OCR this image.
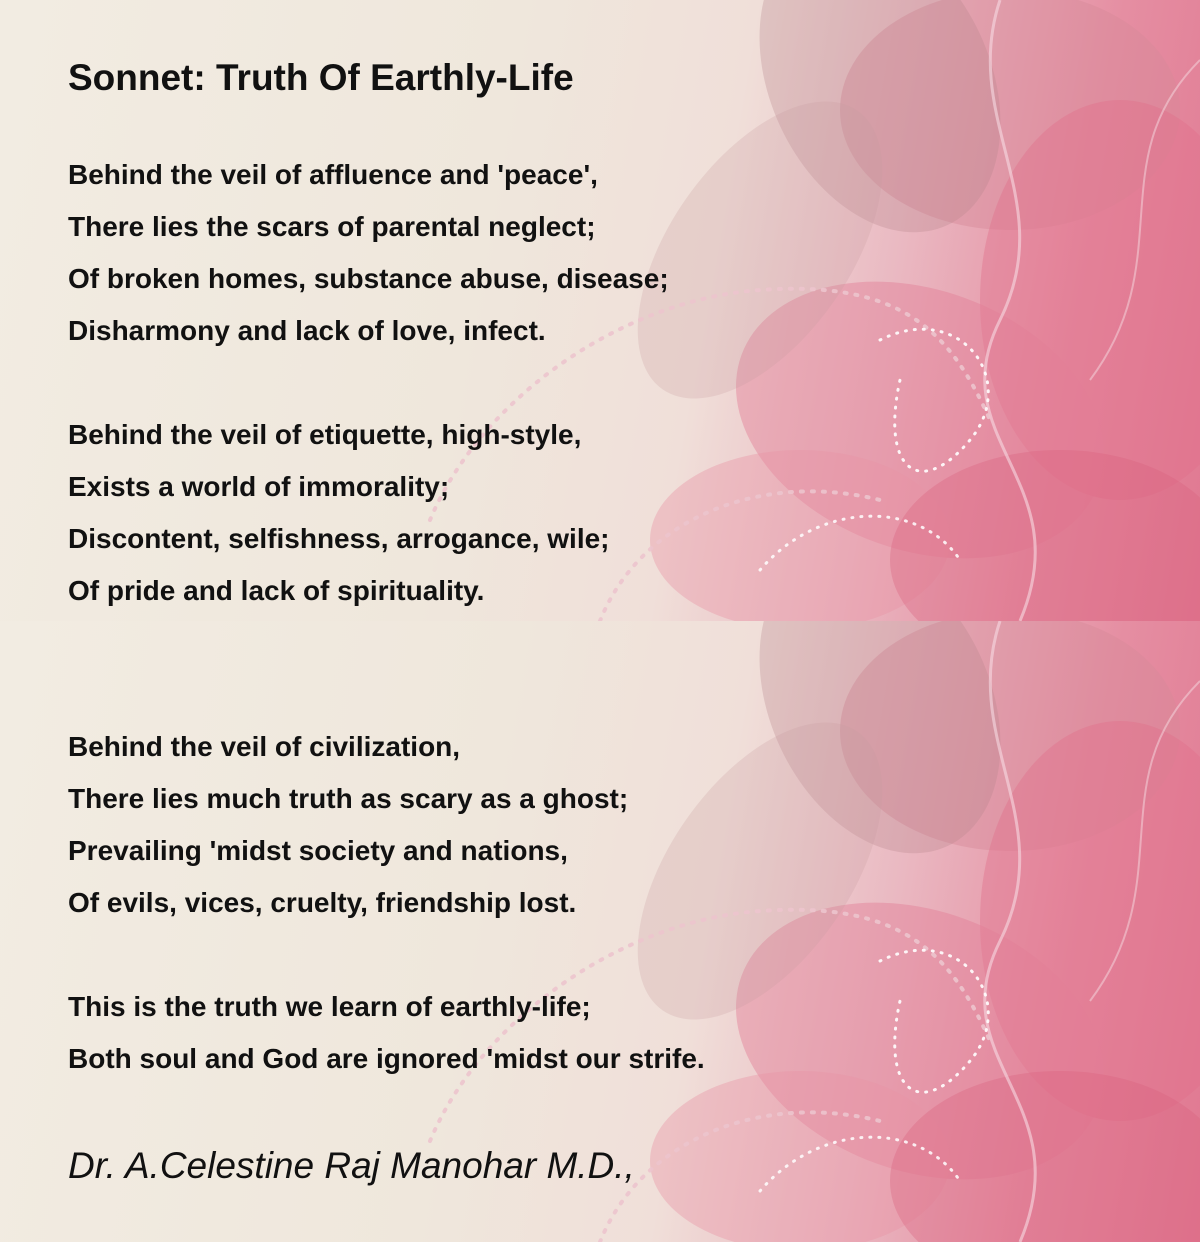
Sonnet: Truth Of Earthly-Life

Behind the veil of affluence and 'peace',
There lies the scars of parental neglect;
Of broken homes, substance abuse, disease;
Disharmony and lack of love, infect.

Behind the veil of etiquette, high-style,
Exists a world of immorality;
Discontent, selfishness, arrogance, wile;
Of pride and lack of spirituality.

Behind the veil of civilization,
There lies much truth as scary as a ghost;
Prevailing 'midst society and nations,
Of evils, vices, cruelty, friendship lost.

This is the truth we learn of earthly-life;
Both soul and God are ignored 'midst our strife.

Dr. A.Celestine Raj Manohar M.D.,
